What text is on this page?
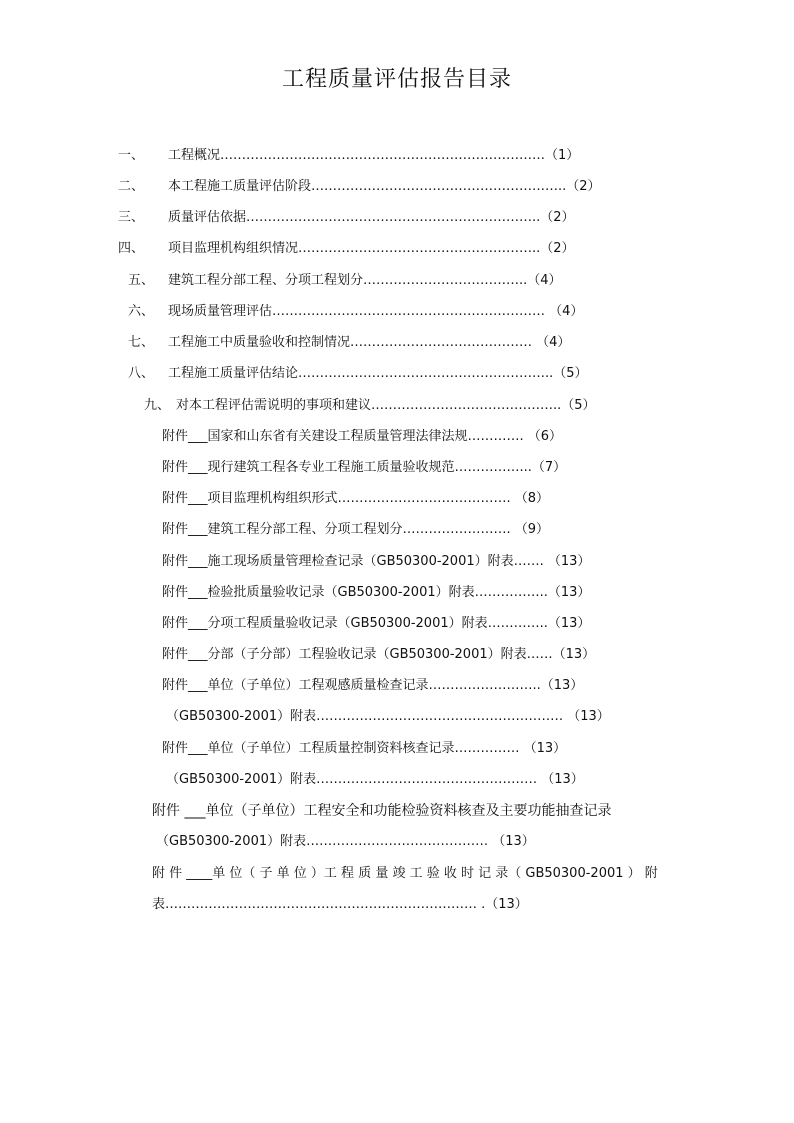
工程质量评估报告目录
一、 工程概况…………………………………………………………………（1）
二、 本工程施工质量评估阶段…………………………………………………..（2）
三、 质量评估依据…………………………………………………………..（2）
四、 项目监理机构组织情况………………………………………………..（2）
五、 建筑工程分部工程、分项工程划分………………………………..（4）
六、 现场质量管理评估……………………………………………………… （4）
七、 工程施工中质量验收和控制情况…………………………………… （4）
八、 工程施工质量评估结论…………………………………………………..（5）
九、 对本工程评估需说明的事项和建议……………………………………..（5）
附件___国家和山东省有关建设工程质量管理法律法规…………. （6）
附件___现行建筑工程各专业工程施工质量验收规范……………...（7）
附件___项目监理机构组织形式…………………………………. （8）
附件___建筑工程分部工程、分项工程划分……………………. （9）
附件___施工现场质量管理检查记录（GB50300-2001）附表……. （13）
附件___检验批质量验收记录（GB50300-2001）附表……………..（13）
附件___分项工程质量验收记录（GB50300-2001）附表…………..（13）
附件___分部（子分部）工程验收记录（GB50300-2001）附表……（13）
附件___单位（子单位）工程观感质量检查记录……………………..（13）
（GB50300-2001）附表………………………………………………… （13）
附件___单位（子单位）工程质量控制资料核查记录…………… （13）
（GB50300-2001）附表…………………………………………… （13）
附件 ___单位（子单位）工程安全和功能检验资料核查及主要功能抽查记录
（GB50300-2001）附表…………………………………… （13）
附 件 ____单 位（ 子 单 位 ）工 程 质 量 竣 工 验 收 时 记 录（ GB50300-2001 ） 附
表……………………………………………………………… .（13）
